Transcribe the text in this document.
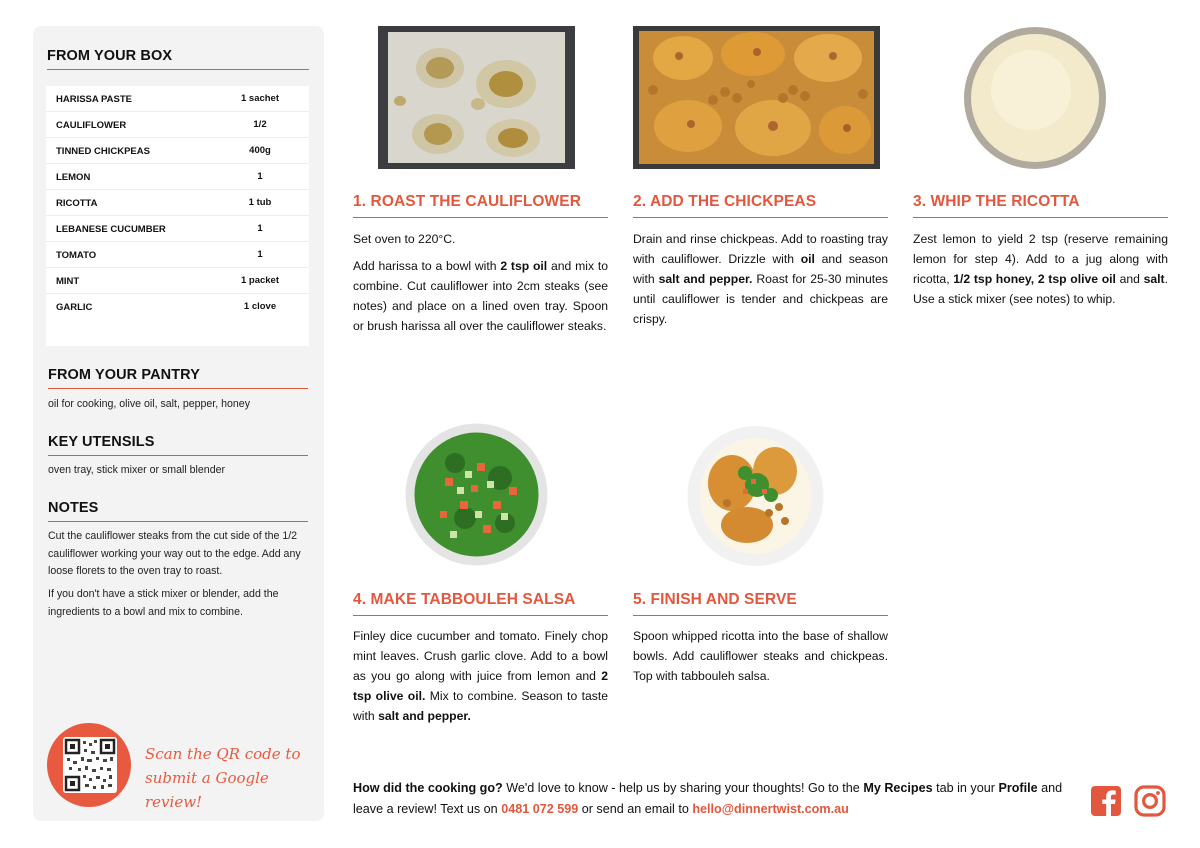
FROM YOUR BOX
HARISSA PASTE	1 sachet
CAULIFLOWER	1/2
TINNED CHICKPEAS	400g
LEMON	1
RICOTTA	1 tub
LEBANESE CUCUMBER	1
TOMATO	1
MINT	1 packet
GARLIC	1 clove
FROM YOUR PANTRY
oil for cooking, olive oil, salt, pepper, honey
KEY UTENSILS
oven tray, stick mixer or small blender
NOTES
Cut the cauliflower steaks from the cut side of the 1/2 cauliflower working your way out to the edge. Add any loose florets to the oven tray to roast.
If you don't have a stick mixer or blender, add the ingredients to a bowl and mix to combine.
Scan the QR code to submit a Google review!
1. ROAST THE CAULIFLOWER

Set oven to 220°C.

Add harissa to a bowl with 2 tsp oil and mix to combine. Cut cauliflower into 2cm steaks (see notes) and place on a lined oven tray. Spoon or brush harissa all over the cauliflower steaks.

2. ADD THE CHICKPEAS

Drain and rinse chickpeas. Add to roasting tray with cauliflower. Drizzle with oil and season with salt and pepper. Roast for 25-30 minutes until cauliflower is tender and chickpeas are crispy.

3. WHIP THE RICOTTA

Zest lemon to yield 2 tsp (reserve remaining lemon for step 4). Add to a jug along with ricotta, 1/2 tsp honey, 2 tsp olive oil and salt. Use a stick mixer (see notes) to whip.

4. MAKE TABBOULEH SALSA

Finley dice cucumber and tomato. Finely chop mint leaves. Crush garlic clove. Add to a bowl as you go along with juice from lemon and 2 tsp olive oil. Mix to combine. Season to taste with salt and pepper.

5. FINISH AND SERVE

Spoon whipped ricotta into the base of shallow bowls. Add cauliflower steaks and chickpeas. Top with tabbouleh salsa.

How did the cooking go? We'd love to know - help us by sharing your thoughts! Go to the My Recipes tab in your Profile and leave a review! Text us on 0481 072 599 or send an email to hello@dinnertwist.com.au
